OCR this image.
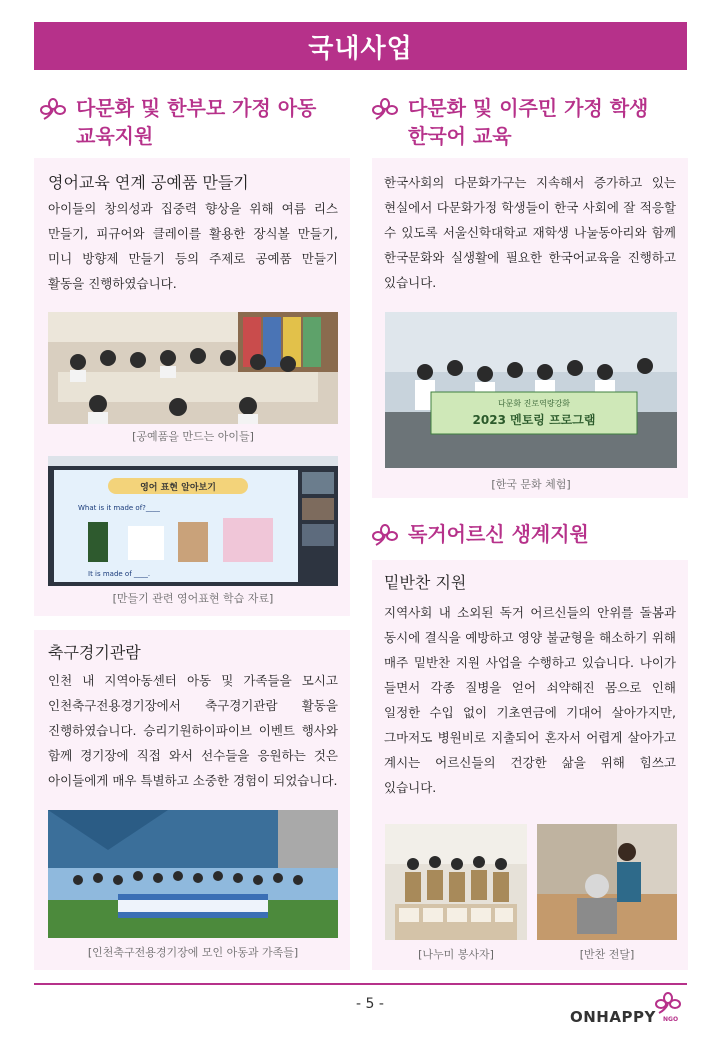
국내사업
다문화 및 한부모 가정 아동
교육지원
영어교육 연계 공예품 만들기
아이들의 창의성과 집중력 향상을 위해 여름 리스 만들기, 피규어와 클레이를 활용한 장식볼 만들기, 미니 방향제 만들기 등의 주제로 공예품 만들기 활동을 진행하였습니다.
[공예품을 만드는 아이들]
영어 표현 알아보기
What is it made of?____
It is made of ____.
[만들기 관련 영어표현 학습 자료]
축구경기관람
인천 내 지역아동센터 아동 및 가족들을 모시고 인천축구전용경기장에서 축구경기관람 활동을 진행하였습니다. 승리기원하이파이브 이벤트 행사와 함께 경기장에 직접 와서 선수들을 응원하는 것은 아이들에게 매우 특별하고 소중한 경험이 되었습니다.
[인천축구전용경기장에 모인 아동과 가족들]
다문화 및 이주민 가정 학생
한국어 교육
한국사회의 다문화가구는 지속해서 증가하고 있는 현실에서 다문화가정 학생들이 한국 사회에 잘 적응할 수 있도록 서울신학대학교 재학생 나눌동아리와 함께 한국문화와 실생활에 필요한 한국어교육을 진행하고 있습니다.
다문화 진로역량강화
2023 멘토링 프로그램
[한국 문화 체험]
독거어르신 생계지원
밑반찬 지원
지역사회 내 소외된 독거 어르신들의 안위를 돌봄과 동시에 결식을 예방하고 영양 불균형을 해소하기 위해 매주 밑반찬 지원 사업을 수행하고 있습니다. 나이가 들면서 각종 질병을 얻어 쇠약해진 몸으로 인해 일정한 수입 없이 기초연금에 기대어 살아가지만, 그마저도 병원비로 지출되어 혼자서 어렵게 살아가고 계시는 어르신들의 건강한 삶을 위해 힘쓰고 있습니다.
[나누미 봉사자]	[반찬 전달]
- 5 -
ONHAPPY NGO
